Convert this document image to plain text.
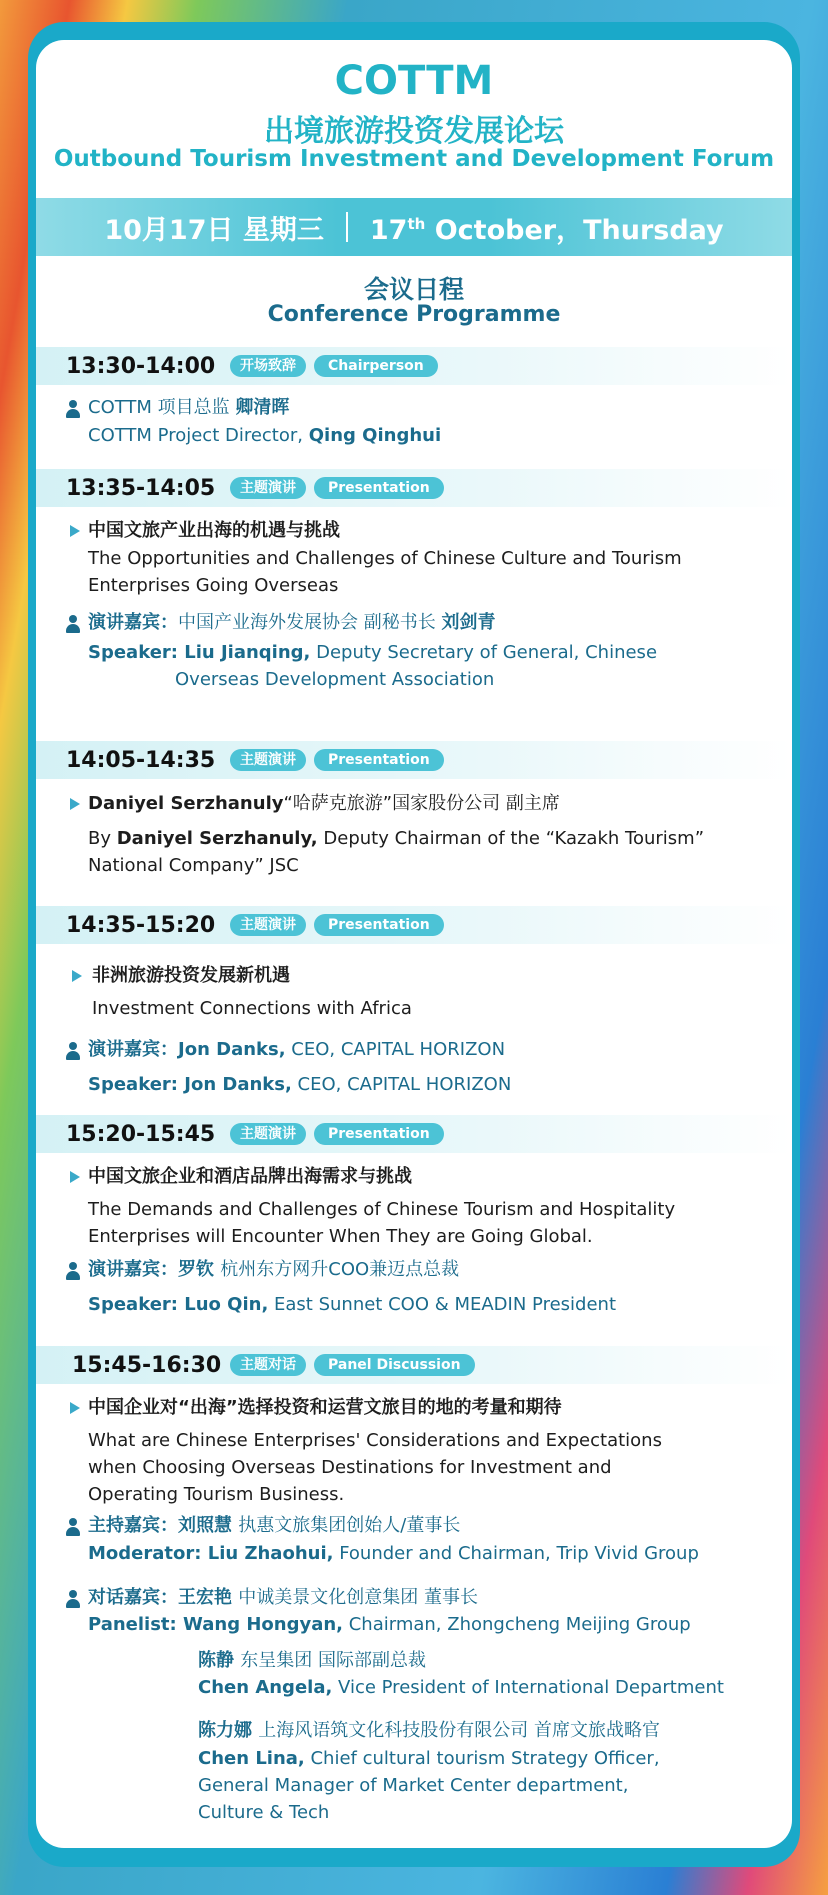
COTTM
出境旅游投资发展论坛
Outbound Tourism Investment and Development Forum
10月17日 星期三 17th October，Thursday
会议日程
Conference Programme
13:30-14:00	开场致辞	Chairperson
COTTM 项目总监 卿清晖
COTTM Project Director, Qing Qinghui
13:35-14:05	主题演讲	Presentation
中国文旅产业出海的机遇与挑战
The Opportunities and Challenges of Chinese Culture and Tourism
Enterprises Going Overseas
演讲嘉宾：中国产业海外发展协会 副秘书长 刘剑青
Speaker: Liu Jianqing, Deputy Secretary of General, Chinese
Overseas Development Association
14:05-14:35	主题演讲	Presentation
Daniyel Serzhanuly“哈萨克旅游”国家股份公司 副主席
By Daniyel Serzhanuly, Deputy Chairman of the “Kazakh Tourism”
National Company” JSC
14:35-15:20	主题演讲	Presentation
非洲旅游投资发展新机遇
Investment Connections with Africa
演讲嘉宾：Jon Danks, CEO, CAPITAL HORIZON
Speaker: Jon Danks, CEO, CAPITAL HORIZON
15:20-15:45	主题演讲	Presentation
中国文旅企业和酒店品牌出海需求与挑战
The Demands and Challenges of Chinese Tourism and Hospitality
Enterprises will Encounter When They are Going Global.
演讲嘉宾：罗钦 杭州东方网升COO兼迈点总裁
Speaker: Luo Qin, East Sunnet COO & MEADIN President
15:45-16:30	主题对话	Panel Discussion
中国企业对“出海”选择投资和运营文旅目的地的考量和期待
What are Chinese Enterprises' Considerations and Expectations
when Choosing Overseas Destinations for Investment and
Operating Tourism Business.
主持嘉宾：刘照慧 执惠文旅集团创始人/董事长
Moderator: Liu Zhaohui, Founder and Chairman, Trip Vivid Group
对话嘉宾：王宏艳 中诚美景文化创意集团 董事长
Panelist: Wang Hongyan, Chairman, Zhongcheng Meijing Group
陈静 东呈集团 国际部副总裁
Chen Angela, Vice President of International Department
陈力娜 上海风语筑文化科技股份有限公司 首席文旅战略官
Chen Lina, Chief cultural tourism Strategy Officer,
General Manager of Market Center department,
Culture & Tech
